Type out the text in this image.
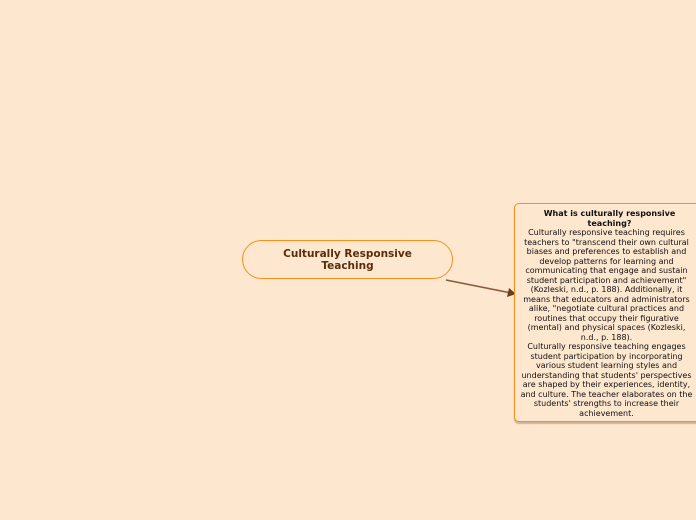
Culturally Responsive Teaching
What is culturally responsive teaching?

Culturally responsive teaching requires teachers to "transcend their own cultural biases and preferences to establish and develop patterns for learning and communicating that engage and sustain student participation and achievement" (Kozleski, n.d., p. 188). Additionally, it means that educators and administrators alike, "negotiate cultural practices and routines that occupy their figurative (mental) and physical spaces (Kozleski, n.d., p. 188).

Culturally responsive teaching engages student participation by incorporating various student learning styles and understanding that students' perspectives are shaped by their experiences, identity, and culture. The teacher elaborates on the students' strengths to increase their achievement.
